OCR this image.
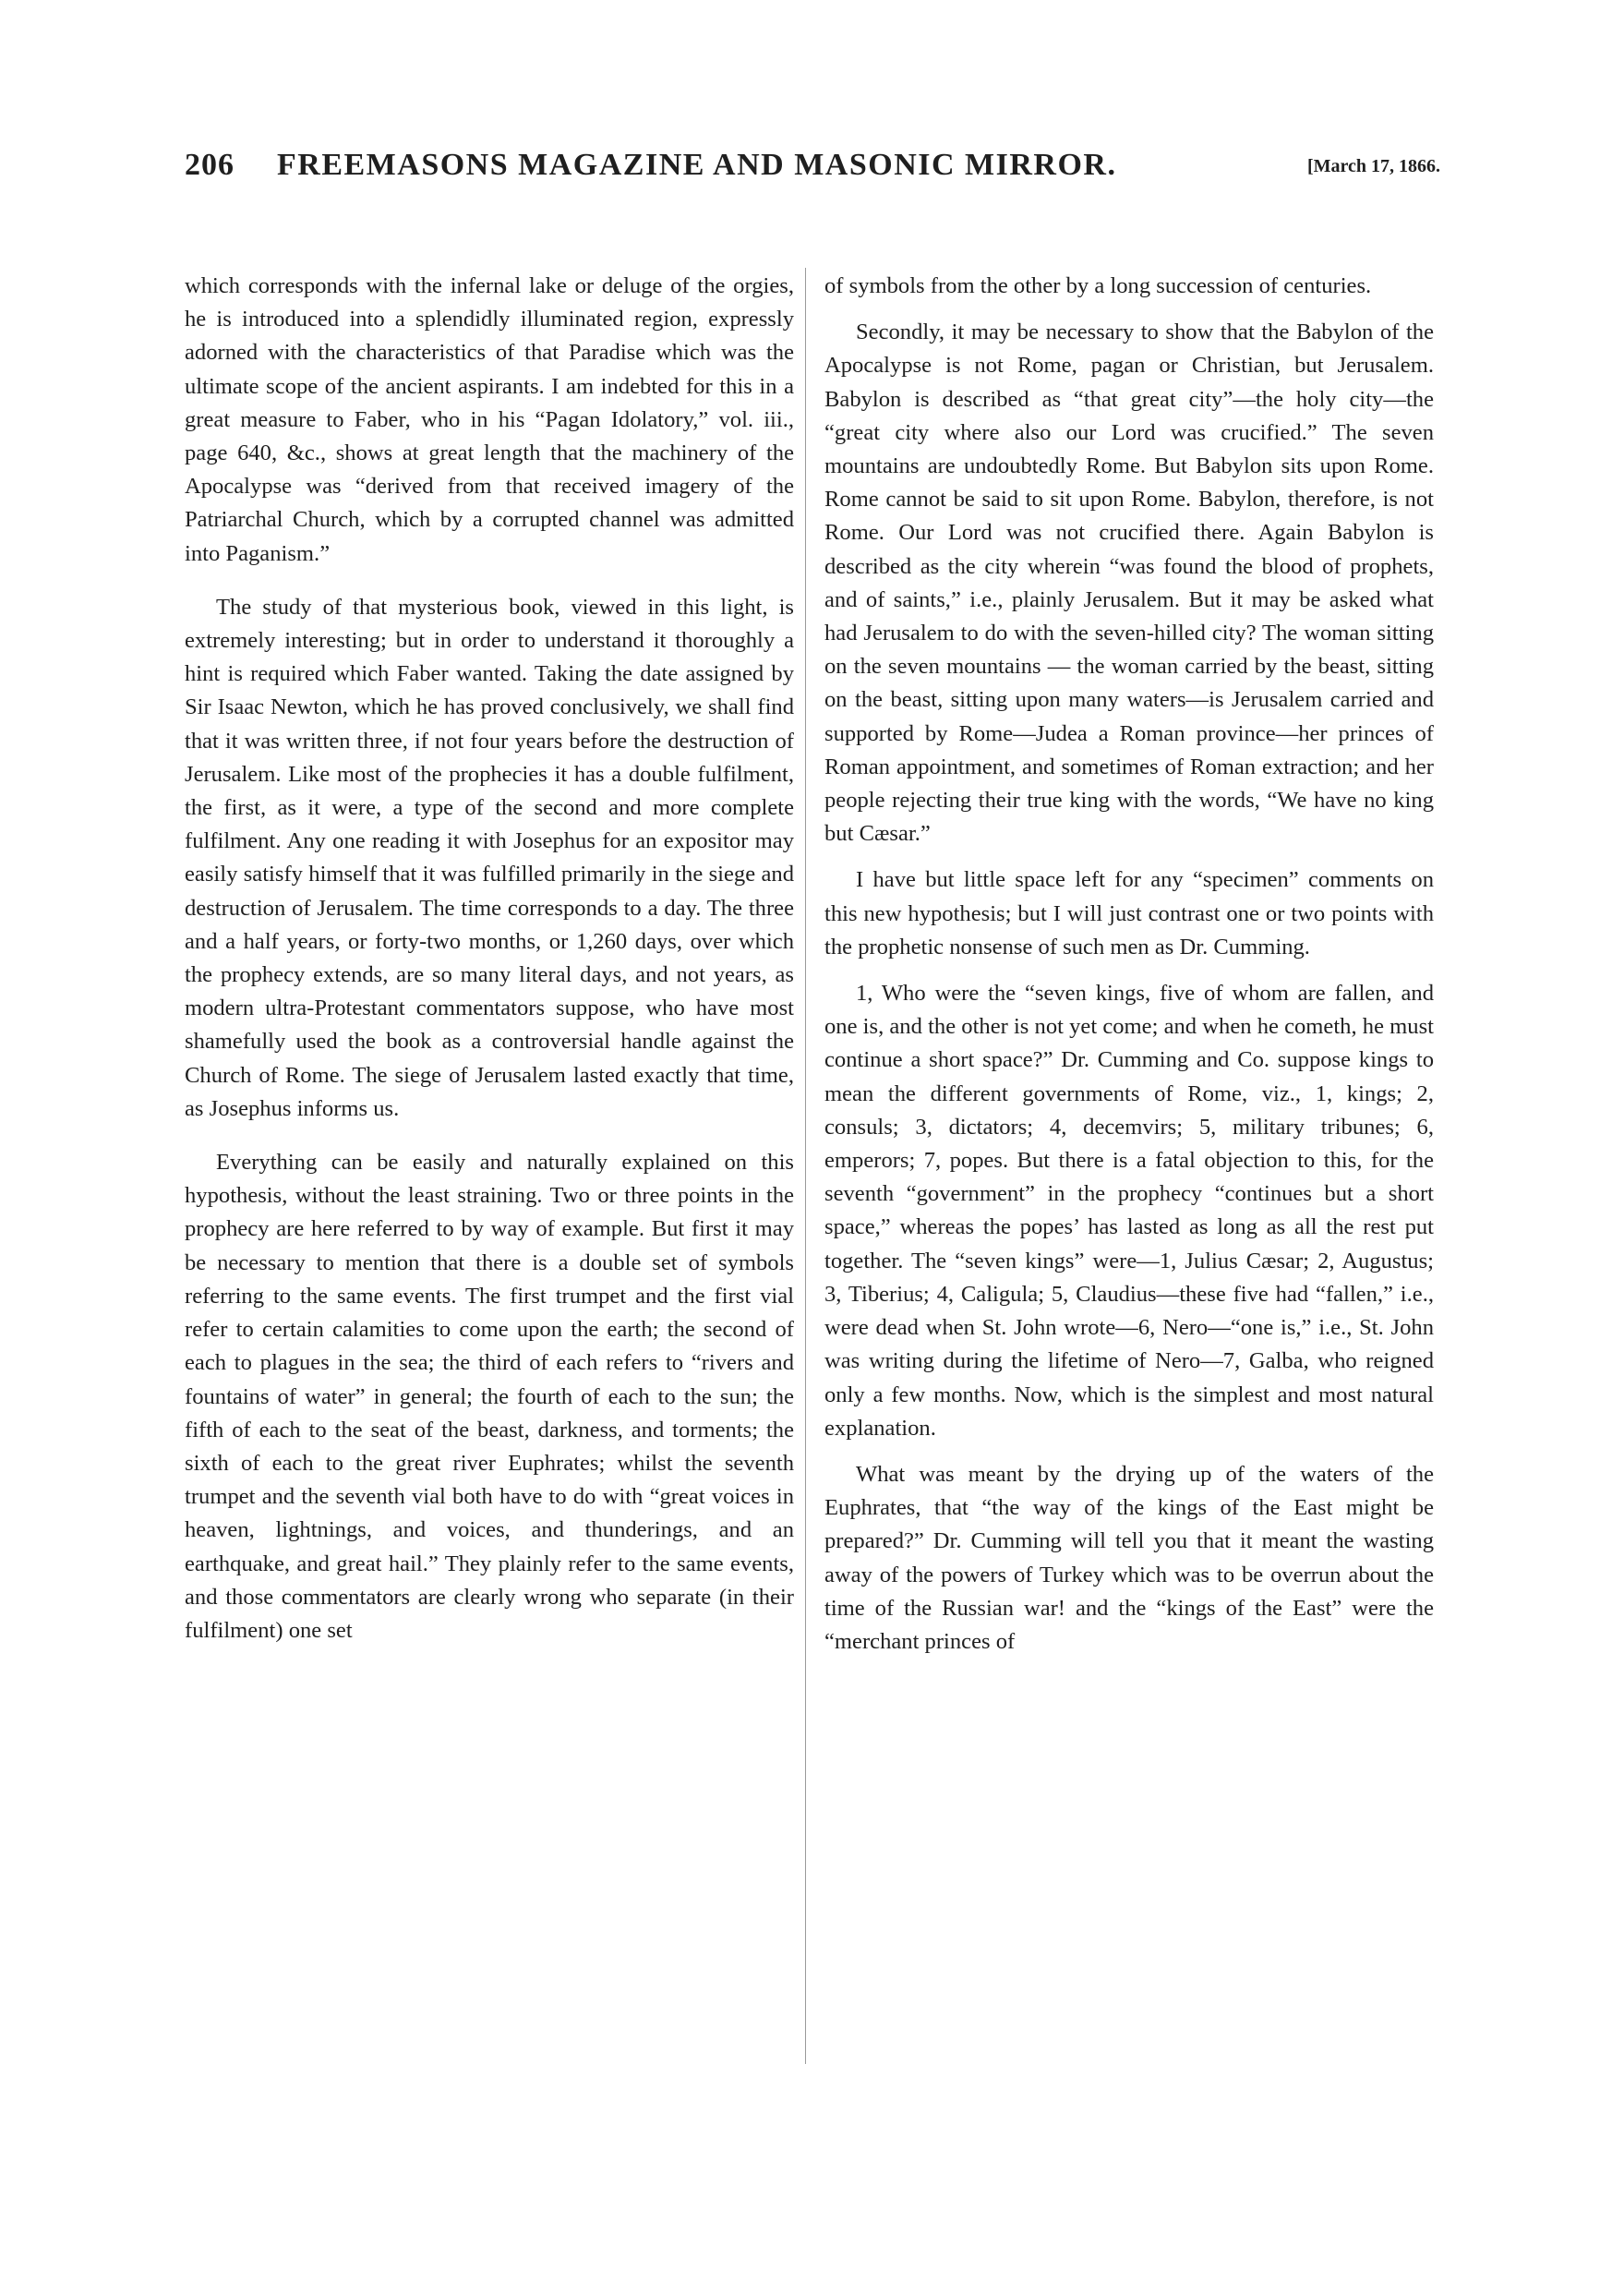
206 FREEMASONS MAGAZINE AND MASONIC MIRROR.	[March 17, 1866.

which corresponds with the infernal lake or deluge of the orgies, he is introduced into a splendidly illuminated region, expressly adorned with the characteristics of that Paradise which was the ultimate scope of the ancient aspirants. I am indebted for this in a great measure to Faber, who in his “Pagan Idolatory,” vol. iii., page 640, &c., shows at great length that the machinery of the Apocalypse was “derived from that received imagery of the Patriarchal Church, which by a corrupted channel was admitted into Paganism.”

The study of that mysterious book, viewed in this light, is extremely interesting; but in order to understand it thoroughly a hint is required which Faber wanted. Taking the date assigned by Sir Isaac Newton, which he has proved conclusively, we shall find that it was written three, if not four years before the destruction of Jerusalem. Like most of the prophecies it has a double fulfilment, the first, as it were, a type of the second and more complete fulfilment. Any one reading it with Josephus for an expositor may easily satisfy himself that it was fulfilled primarily in the siege and destruction of Jerusalem. The time corresponds to a day. The three and a half years, or forty-two months, or 1,260 days, over which the prophecy extends, are so many literal days, and not years, as modern ultra-Protestant commentators suppose, who have most shamefully used the book as a controversial handle against the Church of Rome. The siege of Jerusalem lasted exactly that time, as Josephus informs us.

Everything can be easily and naturally explained on this hypothesis, without the least straining. Two or three points in the prophecy are here referred to by way of example. But first it may be necessary to mention that there is a double set of symbols referring to the same events. The first trumpet and the first vial refer to certain calamities to come upon the earth; the second of each to plagues in the sea; the third of each refers to “rivers and fountains of water” in general; the fourth of each to the sun; the fifth of each to the seat of the beast, darkness, and torments; the sixth of each to the great river Euphrates; whilst the seventh trumpet and the seventh vial both have to do with “great voices in heaven, lightnings, and voices, and thunderings, and an earthquake, and great hail.” They plainly refer to the same events, and those commentators are clearly wrong who separate (in their fulfilment) one set

of symbols from the other by a long succession of centuries.

Secondly, it may be necessary to show that the Babylon of the Apocalypse is not Rome, pagan or Christian, but Jerusalem. Babylon is described as “that great city”—the holy city—the “great city where also our Lord was crucified.” The seven mountains are undoubtedly Rome. But Babylon sits upon Rome. Rome cannot be said to sit upon Rome. Babylon, therefore, is not Rome. Our Lord was not crucified there. Again Babylon is described as the city wherein “was found the blood of prophets, and of saints,” i.e., plainly Jerusalem. But it may be asked what had Jerusalem to do with the seven-hilled city? The woman sitting on the seven mountains — the woman carried by the beast, sitting on the beast, sitting upon many waters—is Jerusalem carried and supported by Rome—Judea a Roman province—her princes of Roman appointment, and sometimes of Roman extraction; and her people rejecting their true king with the words, “We have no king but Cæsar.”

I have but little space left for any “specimen” comments on this new hypothesis; but I will just contrast one or two points with the prophetic nonsense of such men as Dr. Cumming.

1, Who were the “seven kings, five of whom are fallen, and one is, and the other is not yet come; and when he cometh, he must continue a short space?” Dr. Cumming and Co. suppose kings to mean the different governments of Rome, viz., 1, kings; 2, consuls; 3, dictators; 4, decemvirs; 5, military tribunes; 6, emperors; 7, popes. But there is a fatal objection to this, for the seventh “government” in the prophecy “continues but a short space,” whereas the popes’ has lasted as long as all the rest put together. The “seven kings” were—1, Julius Cæsar; 2, Augustus; 3, Tiberius; 4, Caligula; 5, Claudius—these five had “fallen,” i.e., were dead when St. John wrote—6, Nero—“one is,” i.e., St. John was writing during the lifetime of Nero—7, Galba, who reigned only a few months. Now, which is the simplest and most natural explanation.

What was meant by the drying up of the waters of the Euphrates, that “the way of the kings of the East might be prepared?” Dr. Cumming will tell you that it meant the wasting away of the powers of Turkey which was to be overrun about the time of the Russian war! and the “kings of the East” were the “merchant princes of
